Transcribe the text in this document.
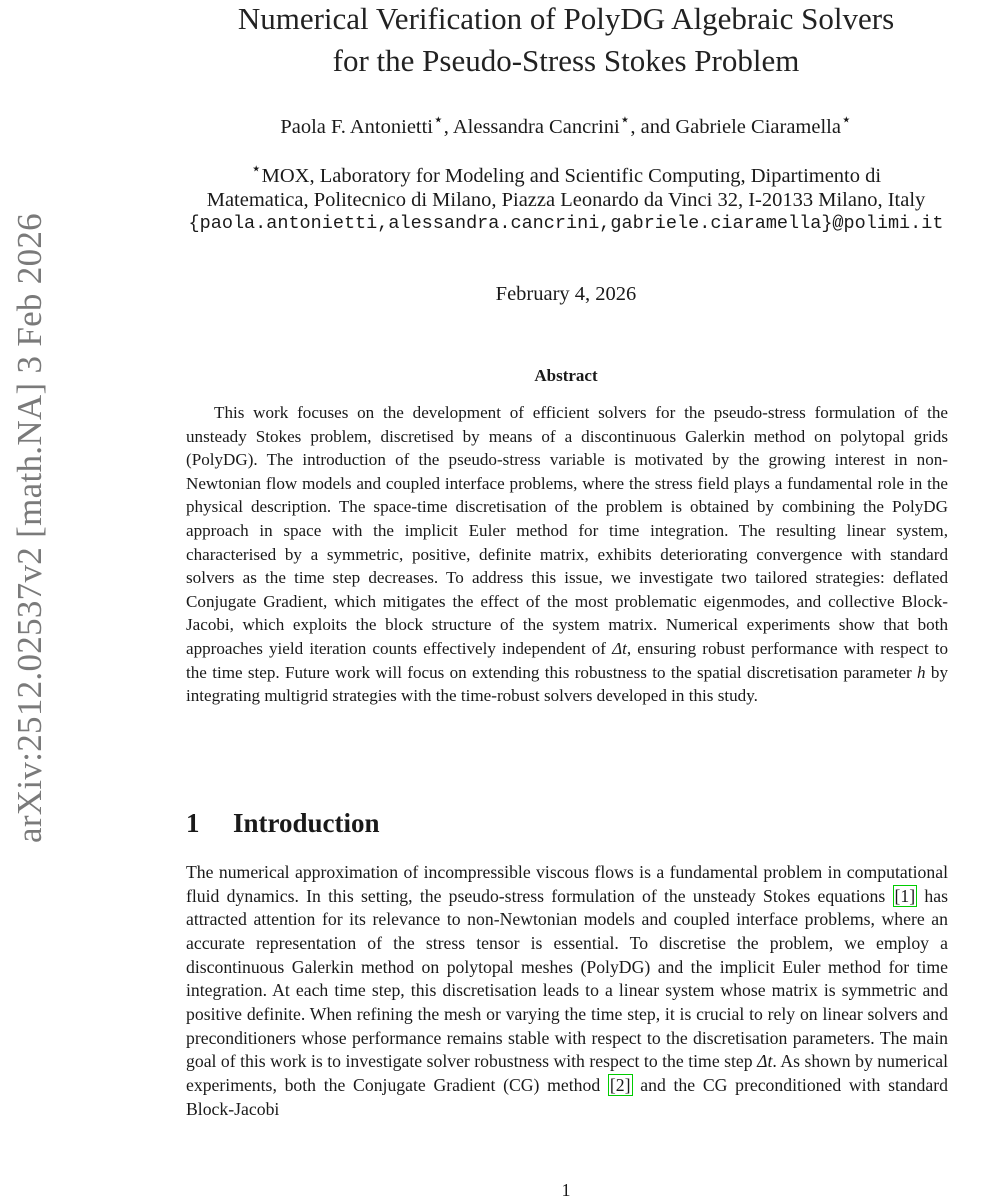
arXiv:2512.02537v2 [math.NA] 3 Feb 2026
Numerical Verification of PolyDG Algebraic Solvers
for the Pseudo-Stress Stokes Problem
Paola F. Antonietti⋆, Alessandra Cancrini⋆, and Gabriele Ciaramella⋆
⋆MOX, Laboratory for Modeling and Scientific Computing, Dipartimento di
Matematica, Politecnico di Milano, Piazza Leonardo da Vinci 32, I-20133 Milano, Italy
{paola.antonietti,alessandra.cancrini,gabriele.ciaramella}@polimi.it
February 4, 2026
Abstract

This work focuses on the development of efficient solvers for the pseudo-stress formulation of the unsteady Stokes problem, discretised by means of a discontinuous Galerkin method on polytopal grids (PolyDG). The introduction of the pseudo-stress variable is motivated by the growing interest in non-Newtonian flow models and coupled interface problems, where the stress field plays a fundamental role in the physical description. The space-time discretisation of the problem is obtained by combining the PolyDG approach in space with the implicit Euler method for time integration. The resulting linear system, characterised by a symmetric, positive, definite matrix, exhibits deteriorating convergence with standard solvers as the time step decreases. To address this issue, we investigate two tailored strategies: deflated Conjugate Gradient, which mitigates the effect of the most problematic eigenmodes, and collective Block-Jacobi, which exploits the block structure of the system matrix. Numerical experiments show that both approaches yield iteration counts effectively independent of Δt, ensuring robust performance with respect to the time step. Future work will focus on extending this robustness to the spatial discretisation parameter h by integrating multigrid strategies with the time-robust solvers developed in this study.

1 Introduction

The numerical approximation of incompressible viscous flows is a fundamental problem in computational fluid dynamics. In this setting, the pseudo-stress formulation of the unsteady Stokes equations [1] has attracted attention for its relevance to non-Newtonian models and coupled interface problems, where an accurate representation of the stress tensor is essential. To discretise the problem, we employ a discontinuous Galerkin method on polytopal meshes (PolyDG) and the implicit Euler method for time integration. At each time step, this discretisation leads to a linear system whose matrix is symmetric and positive definite. When refining the mesh or varying the time step, it is crucial to rely on linear solvers and preconditioners whose performance remains stable with respect to the discretisation parameters. The main goal of this work is to investigate solver robustness with respect to the time step Δt. As shown by numerical experiments, both the Conjugate Gradient (CG) method [2] and the CG preconditioned with standard Block-Jacobi

1
